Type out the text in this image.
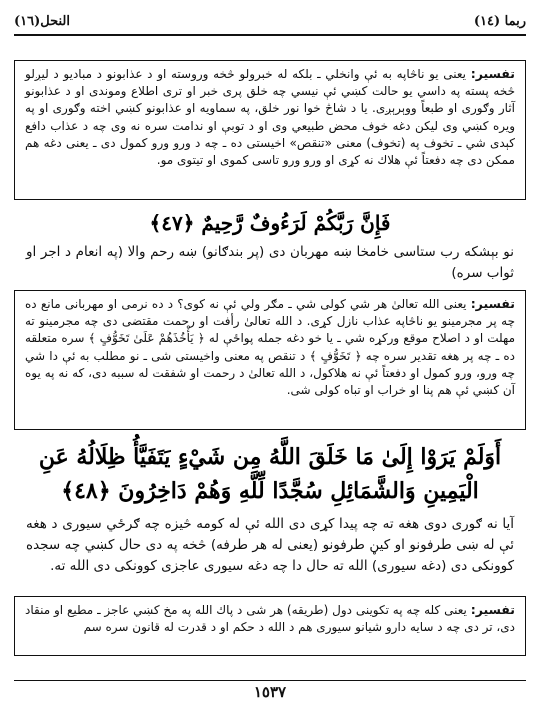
النحل(١٦)	ربما (١٤)
تفسير: يعنى يو ناڅاپه به ئې وانخلي ـ بلكه له خبرولو څخه وروسته او د عذابونو د مباديو د ليږلو څخه پسته په داسي يو حالت كښي ئې نيسي چه خلق پرى خبر او ترى اطلاع وموندى او د عذابونو آثار وګورى او طبعاً ووېرېږى. يا د شاڅ خوا نور خلق، په سماويه او عذابونو كښي اخته وګورى او په ويره كښي وى ليكن دغه خوف محض طبيعي وى او د توبې او ندامت سره نه وى چه د عذاب دافع كېدى شي ـ تخوف په (تخوف) معنى «تنقص» اخيستى ده ـ چه د ورو ورو كمول دى ـ يعنى دغه هم ممكن دى چه دفعتاً ئې هلاك نه كړى او ورو ورو تاسى كموى او تيتوى مو.
فَإِنَّ رَبَّكُمْ لَرَءُوفٌ رَّحِيمٌ ﴿٤٧﴾
نو بېشكه رب ستاسى خامخا ښه مهربان دى (پر بندګانو) ښه رحم والا (په انعام د اجر او ثواب سره)
تفسير: يعنى الله تعالىٰ هر شي كولى شي ـ مګر ولي ئې نه كوى؟ د ده نرمى او مهربانى مانع ده چه پر مجرمينو يو ناڅاپه عذاب نازل كړى. د الله تعالىٰ رأفت او رحمت مقتضى دى چه مجرمينو ته مهلت او د اصلاح موقع وركړه شي ـ يا خو دغه جمله پواځې له ﴿ يَأْخُذَهُمْ عَلَىٰ تَخَوُّفٍ ﴾ سره متعلقه ده ـ چه پر هغه تقدير سره چه ﴿ تَخَوُّفٍ ﴾ د تنقص په معنى واخيستى شى ـ نو مطلب به ئې دا شي چه ورو، ورو كمول او دفعتاً ئې نه هلاكول، د الله تعالىٰ د رحمت او شفقت له سببه دى، كه نه په يوه آن كښي ئې هم پنا او خراب او تباه كولى شى.
أَوَلَمْ يَرَوْا إِلَىٰ مَا خَلَقَ اللَّهُ مِن شَيْءٍ يَتَفَيَّأُ ظِلَالُهُ عَنِ الْيَمِينِ وَالشَّمَائِلِ سُجَّدًا لِّلَّهِ وَهُمْ دَاخِرُونَ ﴿٤٨﴾
آيا نه ګورى دوى هغه ته چه پيدا كړى دى الله ئې له كومه څيزه چه ګرځي سيورى د هغه ئې له ښى طرفونو او كيڼ طرفونو (يعنى له هر طرفه) څخه په دى حال كښي چه سجده كوونكى دى (دغه سيورى) الله ته حال دا چه دغه سيورى عاجزى كوونكى دى الله ته.
تفسير: يعنى كله چه په تكوينى دول (طريقه) هر شى د پاك الله په مخ كښي عاجز ـ مطيع او منقاد دى، تر دى چه د سايه دارو شيانو سيورى هم د الله د حكم او د قدرت له قانون سره سم
١٥٣٧
